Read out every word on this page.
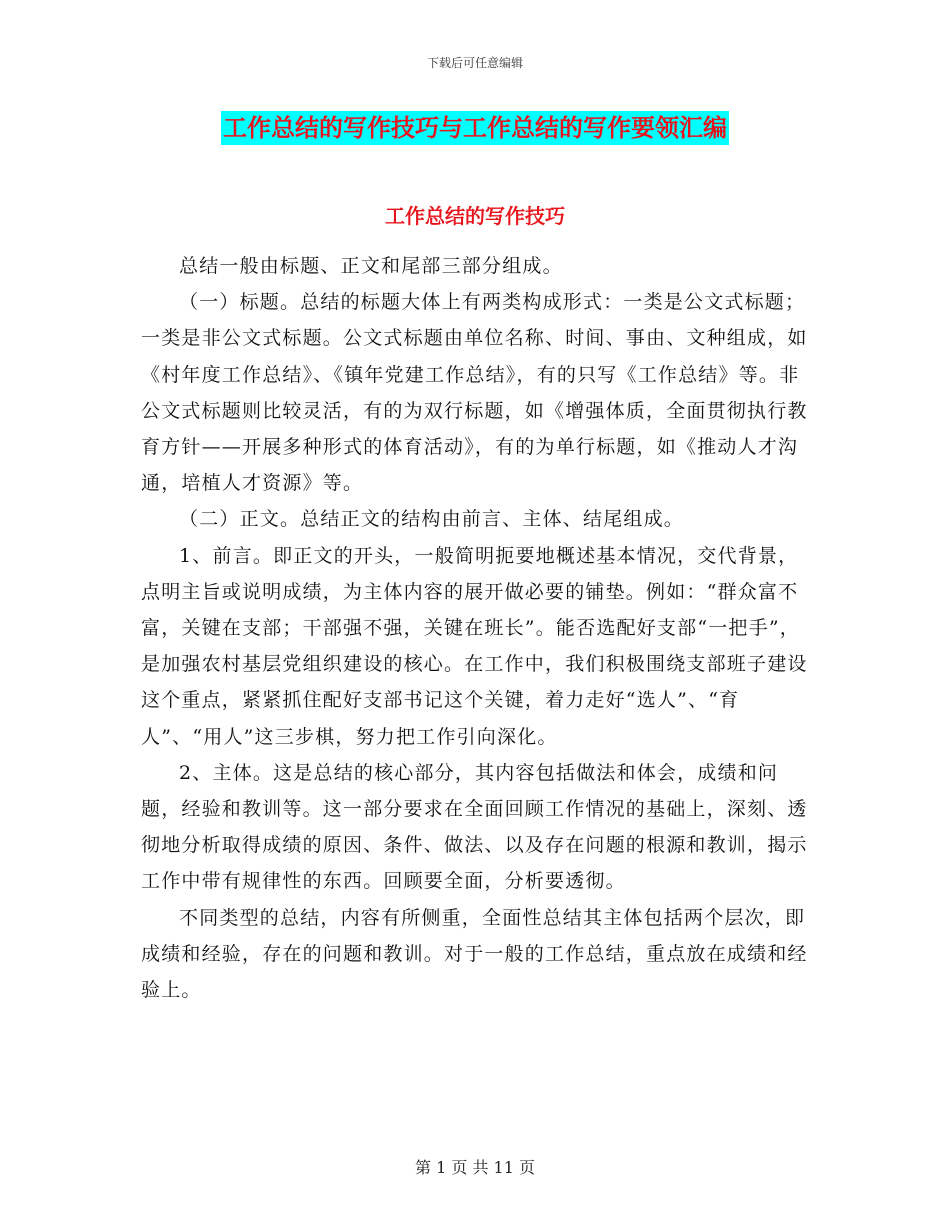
下载后可任意编辑
工作总结的写作技巧与工作总结的写作要领汇编
工作总结的写作技巧

总结一般由标题、正文和尾部三部分组成。

（一）标题。总结的标题大体上有两类构成形式：一类是公文式标题；一类是非公文式标题。公文式标题由单位名称、时间、事由、文种组成，如《村年度工作总结》、《镇年党建工作总结》，有的只写《工作总结》等。非公文式标题则比较灵活，有的为双行标题，如《增强体质，全面贯彻执行教育方针——开展多种形式的体育活动》，有的为单行标题，如《推动人才沟通，培植人才资源》等。

（二）正文。总结正文的结构由前言、主体、结尾组成。

1、前言。即正文的开头，一般简明扼要地概述基本情况，交代背景，点明主旨或说明成绩，为主体内容的展开做必要的铺垫。例如：“群众富不富，关键在支部；干部强不强，关键在班长”。能否选配好支部“一把手”，是加强农村基层党组织建设的核心。在工作中，我们积极围绕支部班子建设这个重点，紧紧抓住配好支部书记这个关键，着力走好“选人”、“育人”、“用人”这三步棋，努力把工作引向深化。

2、主体。这是总结的核心部分，其内容包括做法和体会，成绩和问题，经验和教训等。这一部分要求在全面回顾工作情况的基础上，深刻、透彻地分析取得成绩的原因、条件、做法、以及存在问题的根源和教训，揭示工作中带有规律性的东西。回顾要全面，分析要透彻。

不同类型的总结，内容有所侧重，全面性总结其主体包括两个层次，即成绩和经验，存在的问题和教训。对于一般的工作总结，重点放在成绩和经验上。

第 1 页 共 11 页
